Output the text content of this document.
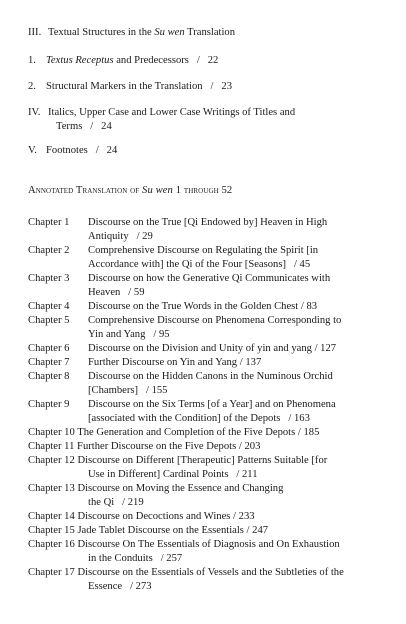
III. Textual Structures in the Su wen Translation
1. Textus Receptus and Predecessors   /   22
2. Structural Markers in the Translation   /   23
IV. Italics, Upper Case and Lower Case Writings of Titles and
Terms   /   24
V. Footnotes   /   24
Annotated Translation of Su wen 1 through 52
Chapter 1 Discourse on the True [Qi Endowed by] Heaven in High
Antiquity   / 29
Chapter 2 Comprehensive Discourse on Regulating the Spirit [in
Accordance with] the Qi of the Four [Seasons]   / 45
Chapter 3 Discourse on how the Generative Qi Communicates with
Heaven   / 59
Chapter 4 Discourse on the True Words in the Golden Chest / 83
Chapter 5 Comprehensive Discourse on Phenomena Corresponding to
Yin and Yang   / 95
Chapter 6 Discourse on the Division and Unity of yin and yang / 127
Chapter 7 Further Discourse on Yin and Yang / 137
Chapter 8 Discourse on the Hidden Canons in the Numinous Orchid
[Chambers]   / 155
Chapter 9 Discourse on the Six Terms [of a Year] and on Phenomena
[associated with the Condition] of the Depots   / 163
Chapter 10 The Generation and Completion of the Five Depots / 185
Chapter 11 Further Discourse on the Five Depots / 203
Chapter 12 Discourse on Different [Therapeutic] Patterns Suitable [for
Use in Different] Cardinal Points   / 211
Chapter 13 Discourse on Moving the Essence and Changing
the Qi   / 219
Chapter 14 Discourse on Decoctions and Wines / 233
Chapter 15 Jade Tablet Discourse on the Essentials / 247
Chapter 16 Discourse On The Essentials of Diagnosis and On Exhaustion
in the Conduits   / 257
Chapter 17 Discourse on the Essentials of Vessels and the Subtleties of the
Essence   / 273
